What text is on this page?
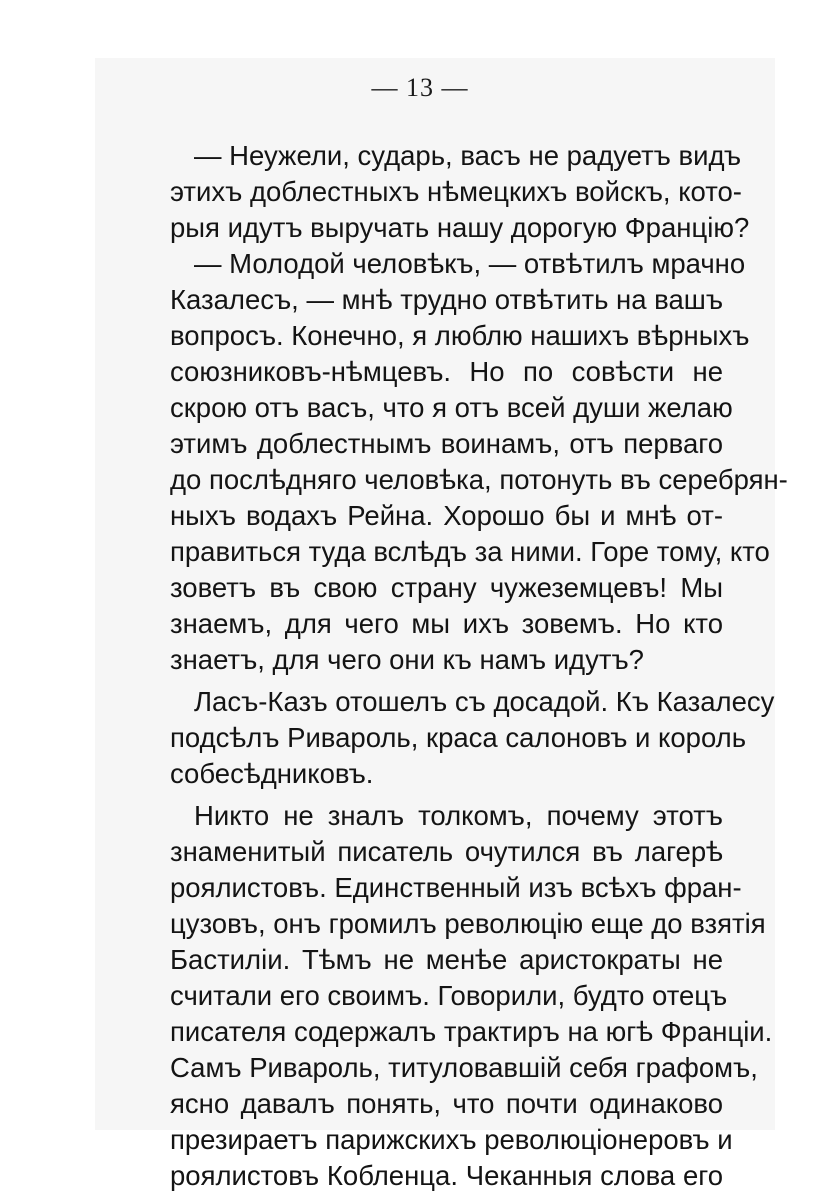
— 13 —
— Неужели, сударь, васъ не радуетъ видъ
этихъ доблестныхъ нѣмецкихъ войскъ, кото-
рыя идутъ выручать нашу дорогую Францію?
— Молодой человѣкъ, — отвѣтилъ мрачно
Казалесъ, — мнѣ трудно отвѣтить на вашъ
вопросъ. Конечно, я люблю нашихъ вѣрныхъ
союзниковъ-нѣмцевъ. Но по совѣсти не
скрою отъ васъ, что я отъ всей души желаю
этимъ доблестнымъ воинамъ, отъ перваго
до послѣдняго человѣка, потонуть въ серебрян-
ныхъ водахъ Рейна. Хорошо бы и мнѣ от-
правиться туда вслѣдъ за ними. Горе тому, кто
зоветъ въ свою страну чужеземцевъ! Мы
знаемъ, для чего мы ихъ зовемъ. Но кто
знаетъ, для чего они къ намъ идутъ?
Ласъ-Казъ отошелъ съ досадой. Къ Казалесу
подсѣлъ Ривароль, краса салоновъ и король
собесѣдниковъ.
Никто не зналъ толкомъ, почему этотъ
знаменитый писатель очутился въ лагерѣ
роялистовъ. Единственный изъ всѣхъ фран-
цузовъ, онъ громилъ революцію еще до взятія
Бастиліи. Тѣмъ не менѣе аристократы не
считали его своимъ. Говорили, будто отецъ
писателя содержалъ трактиръ на югѣ Франціи.
Самъ Ривароль, титуловавшій себя графомъ,
ясно давалъ понять, что почти одинаково
презираетъ парижскихъ революціонеровъ и
роялистовъ Кобленца. Чеканныя слова его
